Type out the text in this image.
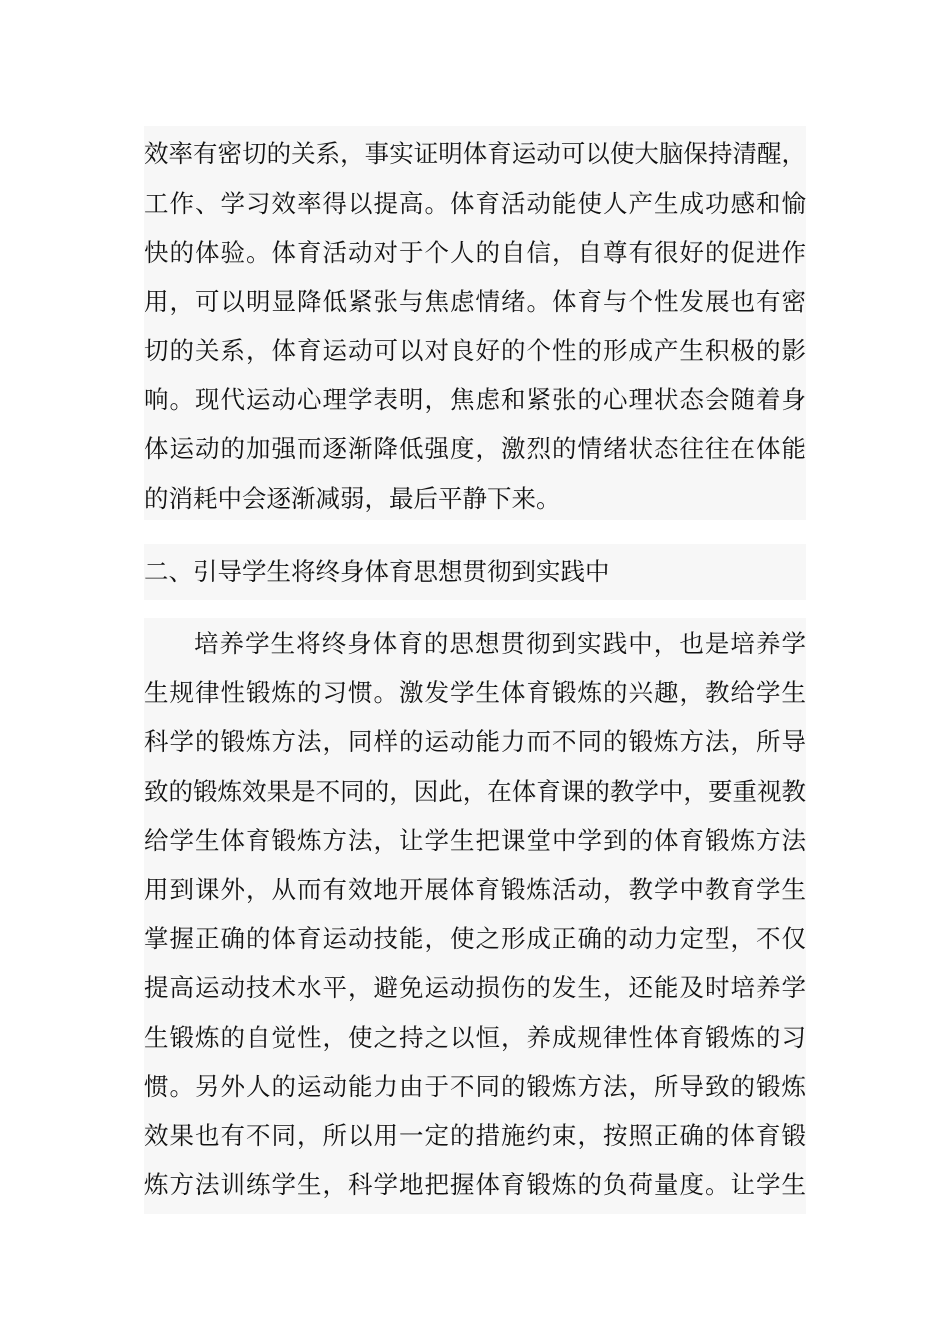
效率有密切的关系，事实证明体育运动可以使大脑保持清醒，
工作、学习效率得以提高。体育活动能使人产生成功感和愉
快的体验。体育活动对于个人的自信，自尊有很好的促进作
用，可以明显降低紧张与焦虑情绪。体育与个性发展也有密
切的关系，体育运动可以对良好的个性的形成产生积极的影
响。现代运动心理学表明，焦虑和紧张的心理状态会随着身
体运动的加强而逐渐降低强度，激烈的情绪状态往往在体能
的消耗中会逐渐减弱，最后平静下来。
二、引导学生将终身体育思想贯彻到实践中
培养学生将终身体育的思想贯彻到实践中，也是培养学
生规律性锻炼的习惯。激发学生体育锻炼的兴趣，教给学生
科学的锻炼方法，同样的运动能力而不同的锻炼方法，所导
致的锻炼效果是不同的，因此，在体育课的教学中，要重视教
给学生体育锻炼方法，让学生把课堂中学到的体育锻炼方法
用到课外，从而有效地开展体育锻炼活动，教学中教育学生
掌握正确的体育运动技能，使之形成正确的动力定型，不仅
提高运动技术水平，避免运动损伤的发生，还能及时培养学
生锻炼的自觉性，使之持之以恒，养成规律性体育锻炼的习
惯。另外人的运动能力由于不同的锻炼方法，所导致的锻炼
效果也有不同，所以用一定的措施约束，按照正确的体育锻
炼方法训练学生，科学地把握体育锻炼的负荷量度。让学生
